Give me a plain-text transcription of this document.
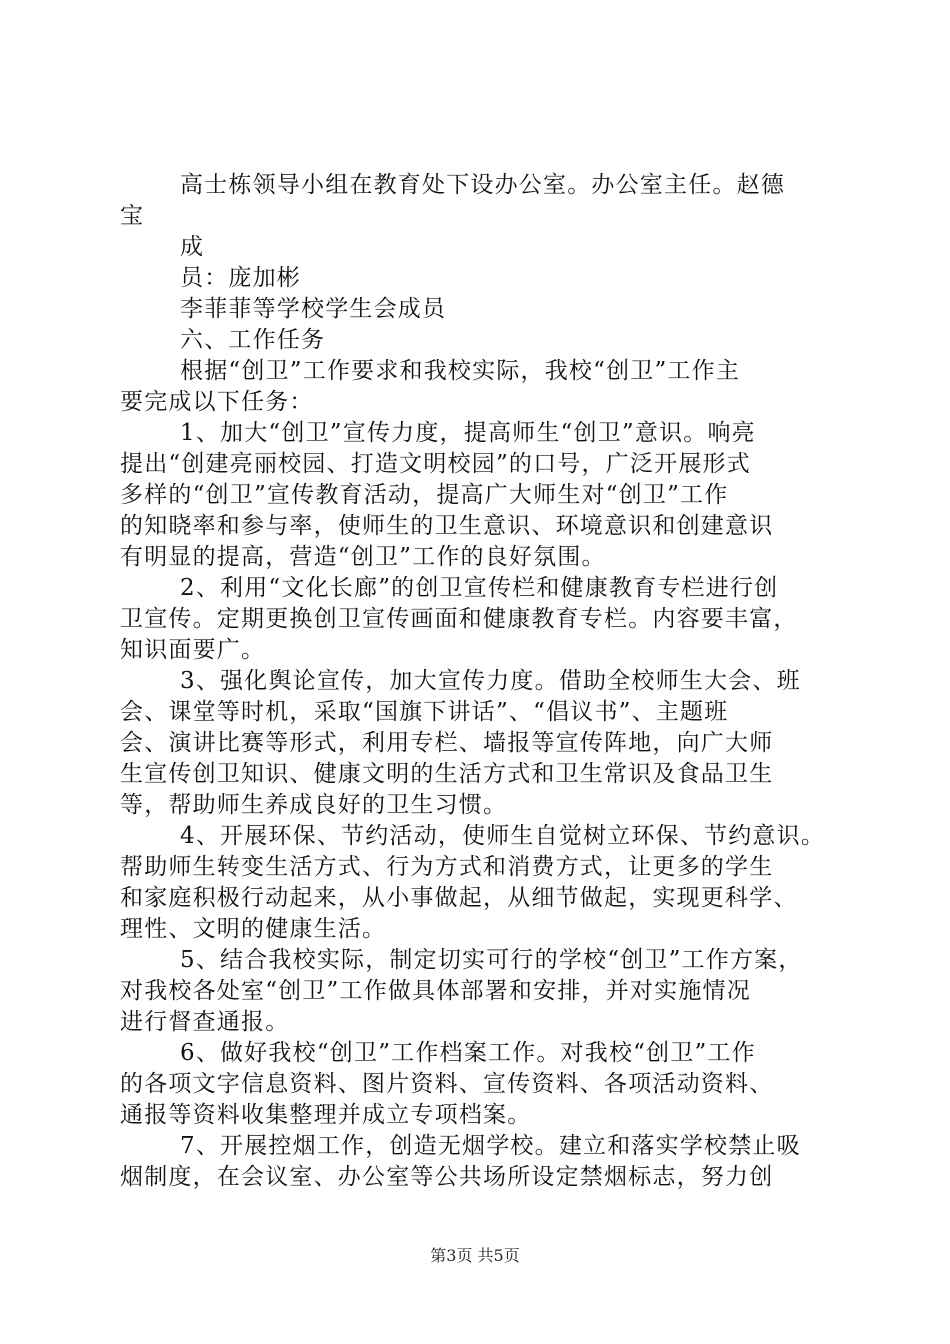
高士栋领导小组在教育处下设办公室。办公室主任。赵德
宝
成
员：庞加彬
李菲菲等学校学生会成员
六、工作任务
根据“创卫”工作要求和我校实际，我校“创卫”工作主
要完成以下任务：
1、加大“创卫”宣传力度，提高师生“创卫”意识。响亮
提出“创建亮丽校园、打造文明校园”的口号，广泛开展形式
多样的“创卫”宣传教育活动，提高广大师生对“创卫”工作
的知晓率和参与率，使师生的卫生意识、环境意识和创建意识
有明显的提高，营造“创卫”工作的良好氛围。
2、利用“文化长廊”的创卫宣传栏和健康教育专栏进行创
卫宣传。定期更换创卫宣传画面和健康教育专栏。内容要丰富，
知识面要广。
3、强化舆论宣传，加大宣传力度。借助全校师生大会、班
会、课堂等时机，采取“国旗下讲话”、“倡议书”、主题班
会、演讲比赛等形式，利用专栏、墙报等宣传阵地，向广大师
生宣传创卫知识、健康文明的生活方式和卫生常识及食品卫生
等，帮助师生养成良好的卫生习惯。
4、开展环保、节约活动，使师生自觉树立环保、节约意识。
帮助师生转变生活方式、行为方式和消费方式，让更多的学生
和家庭积极行动起来，从小事做起，从细节做起，实现更科学、
理性、文明的健康生活。
5、结合我校实际，制定切实可行的学校“创卫”工作方案，
对我校各处室“创卫”工作做具体部署和安排，并对实施情况
进行督查通报。
6、做好我校“创卫”工作档案工作。对我校“创卫”工作
的各项文字信息资料、图片资料、宣传资料、各项活动资料、
通报等资料收集整理并成立专项档案。
7、开展控烟工作，创造无烟学校。建立和落实学校禁止吸
烟制度，在会议室、办公室等公共场所设定禁烟标志，努力创
第3页 共5页
